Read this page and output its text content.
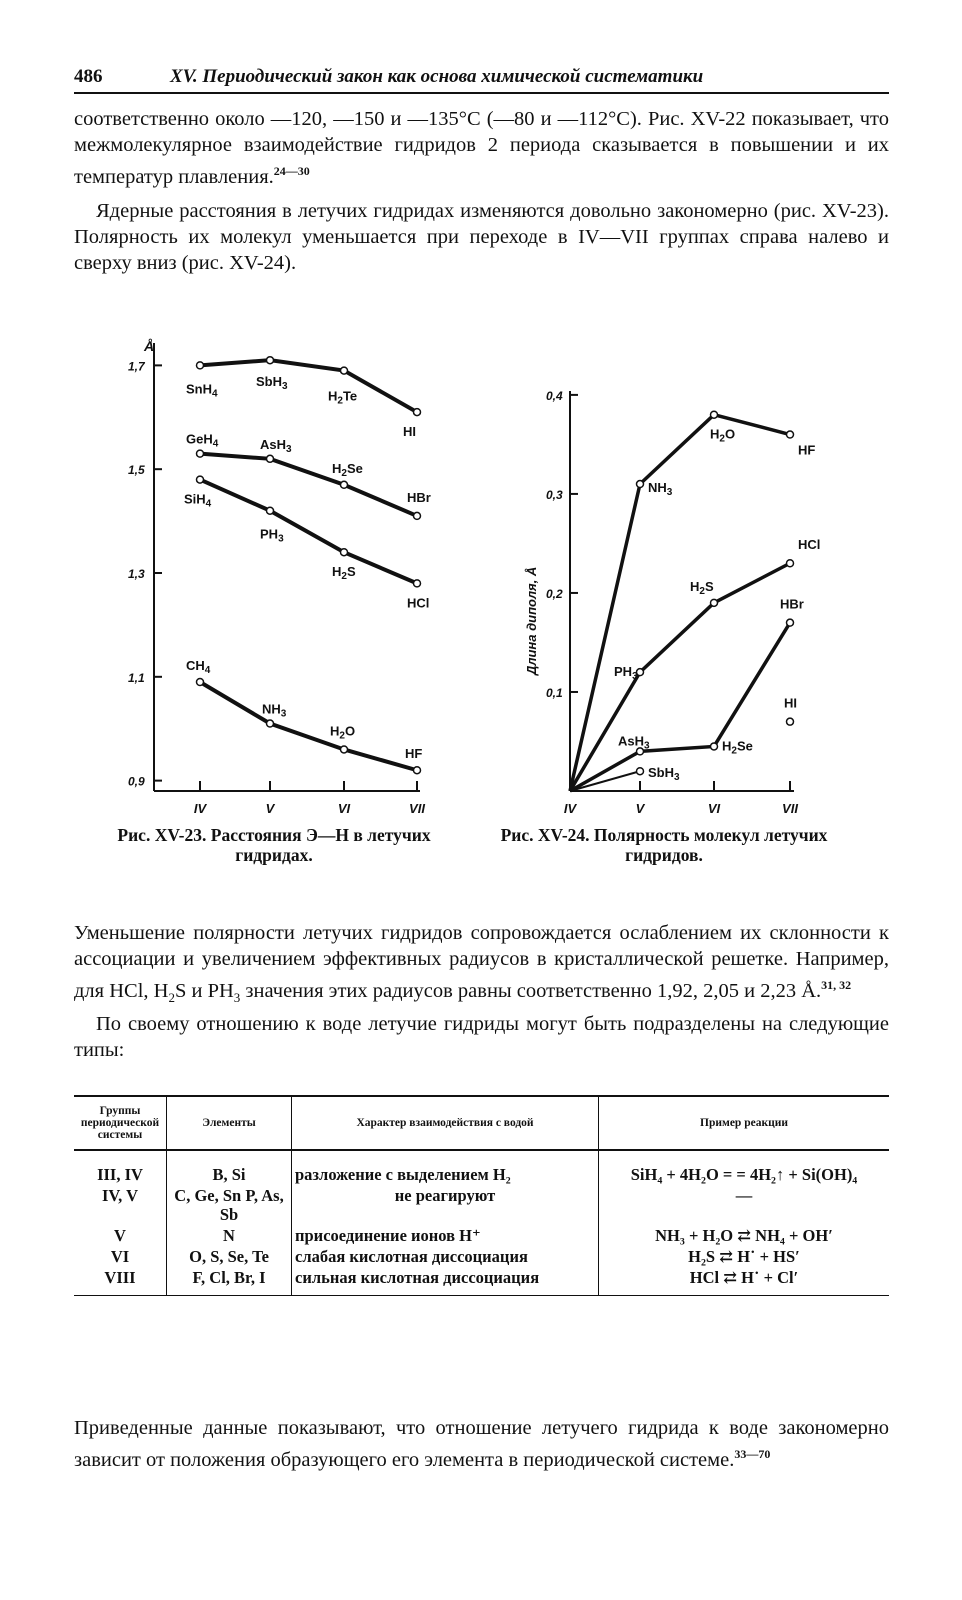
486	XV. Периодический закон как основа химической систематики

соответственно около —120, —150 и —135°C (—80 и —112°C). Рис. XV-22 показывает, что межмолекулярное взаимодействие гидридов 2 периода сказывается в повышении и их температур плавления.$^{24—30}$

Ядерные расстояния в летучих гидридах изменяются довольно закономерно (рис. XV-23). Полярность их молекул уменьшается при переходе в IV—VII группах справа налево и сверху вниз (рис. XV-24).

Å
0,9
1,1
1,3
1,5
1,7
IV	V	VI	VII
SnH$_4$
SbH$_3$
$H_2Te$
HI
GeH$_4$	AsH$_3$
$H_2Se$
HBr
SiH$_4$
$PH_3$
$H_2S$
HCl
$CH_4$
$NH_3$
$H_2O$
HF
Длина диполя, Å
0,1
0,2
0,3
0,4
IV	V	VI	VII
$NH_3$
$H_2O$
HF
$PH_3$
$H_2S$
HCl
AsH$_3$	$H_2Se$
HBr
SbH$_3$
HI
Рис. XV-23. Расстояния Э—Н в летучих гидридах.
Рис. XV-24. Полярность молекул летучих гидридов.
Уменьшение полярности летучих гидридов сопровождается ослаблением их склонности к ассоциации и увеличением эффективных радиусов в кристаллической решетке. Например, для HCl, $H_2S$ и $PH_3$ значения этих радиусов равны соответственно 1,92, 2,05 и 2,23 Å.$^{31, 32}$
По своему отношению к воде летучие гидриды могут быть подразделены на следующие типы:
Группы периодической системы	Элементы	Характер взаимодействия с водой	Пример реакции
III, IV	B, Si	разложение с выделением H₂	SiH₄ + 4H₂O = = 4H₂↑ + Si(OH)₄
IV, V	C, Ge, Sn P, As, Sb	не реагируют	—
V	N	присоединение ионов H⁺	NH₃ + H₂O ⇄ NH₄ + OH′
VI	O, S, Se, Te	слабая кислотная диссоциация	H₂S ⇄ H˙ + HS′
VIII	F, Cl, Br, I	сильная кислотная диссоциация	HCl ⇄ H˙ + Cl′

Приведенные данные показывают, что отношение летучего гидрида к воде закономерно зависит от положения образующего его элемента в периодической системе.$^{33—70}$
